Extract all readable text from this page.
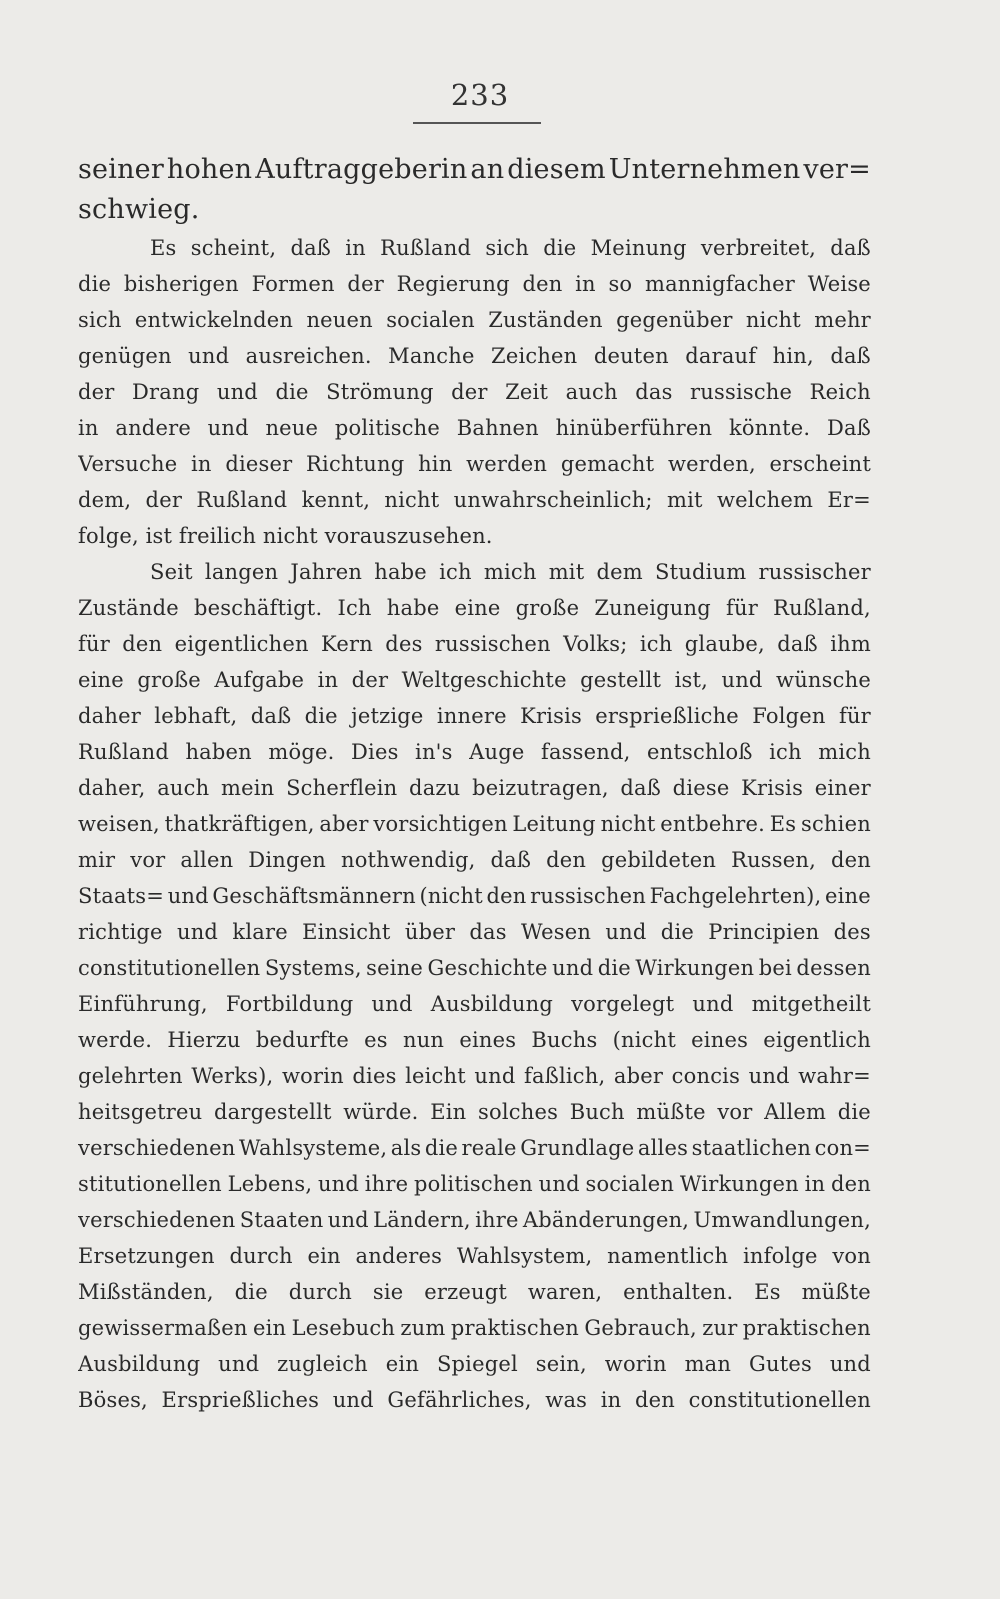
233
seiner hohen Auftraggeberin an diesem Unternehmen ver=
schwieg.
Es scheint, daß in Rußland sich die Meinung verbreitet, daß
die bisherigen Formen der Regierung den in so mannigfacher Weise
sich entwickelnden neuen socialen Zuständen gegenüber nicht mehr
genügen und ausreichen. Manche Zeichen deuten darauf hin, daß
der Drang und die Strömung der Zeit auch das russische Reich
in andere und neue politische Bahnen hinüberführen könnte. Daß
Versuche in dieser Richtung hin werden gemacht werden, erscheint
dem, der Rußland kennt, nicht unwahrscheinlich; mit welchem Er=
folge, ist freilich nicht vorauszusehen.
Seit langen Jahren habe ich mich mit dem Studium russischer
Zustände beschäftigt. Ich habe eine große Zuneigung für Rußland,
für den eigentlichen Kern des russischen Volks; ich glaube, daß ihm
eine große Aufgabe in der Weltgeschichte gestellt ist, und wünsche
daher lebhaft, daß die jetzige innere Krisis ersprießliche Folgen für
Rußland haben möge. Dies in's Auge fassend, entschloß ich mich
daher, auch mein Scherflein dazu beizutragen, daß diese Krisis einer
weisen, thatkräftigen, aber vorsichtigen Leitung nicht entbehre. Es schien
mir vor allen Dingen nothwendig, daß den gebildeten Russen, den
Staats= und Geschäftsmännern (nicht den russischen Fachgelehrten), eine
richtige und klare Einsicht über das Wesen und die Principien des
constitutionellen Systems, seine Geschichte und die Wirkungen bei dessen
Einführung, Fortbildung und Ausbildung vorgelegt und mitgetheilt
werde. Hierzu bedurfte es nun eines Buchs (nicht eines eigentlich
gelehrten Werks), worin dies leicht und faßlich, aber concis und wahr=
heitsgetreu dargestellt würde. Ein solches Buch müßte vor Allem die
verschiedenen Wahlsysteme, als die reale Grundlage alles staatlichen con=
stitutionellen Lebens, und ihre politischen und socialen Wirkungen in den
verschiedenen Staaten und Ländern, ihre Abänderungen, Umwandlungen,
Ersetzungen durch ein anderes Wahlsystem, namentlich infolge von
Mißständen, die durch sie erzeugt waren, enthalten. Es müßte
gewissermaßen ein Lesebuch zum praktischen Gebrauch, zur praktischen
Ausbildung und zugleich ein Spiegel sein, worin man Gutes und
Böses, Ersprießliches und Gefährliches, was in den constitutionellen
